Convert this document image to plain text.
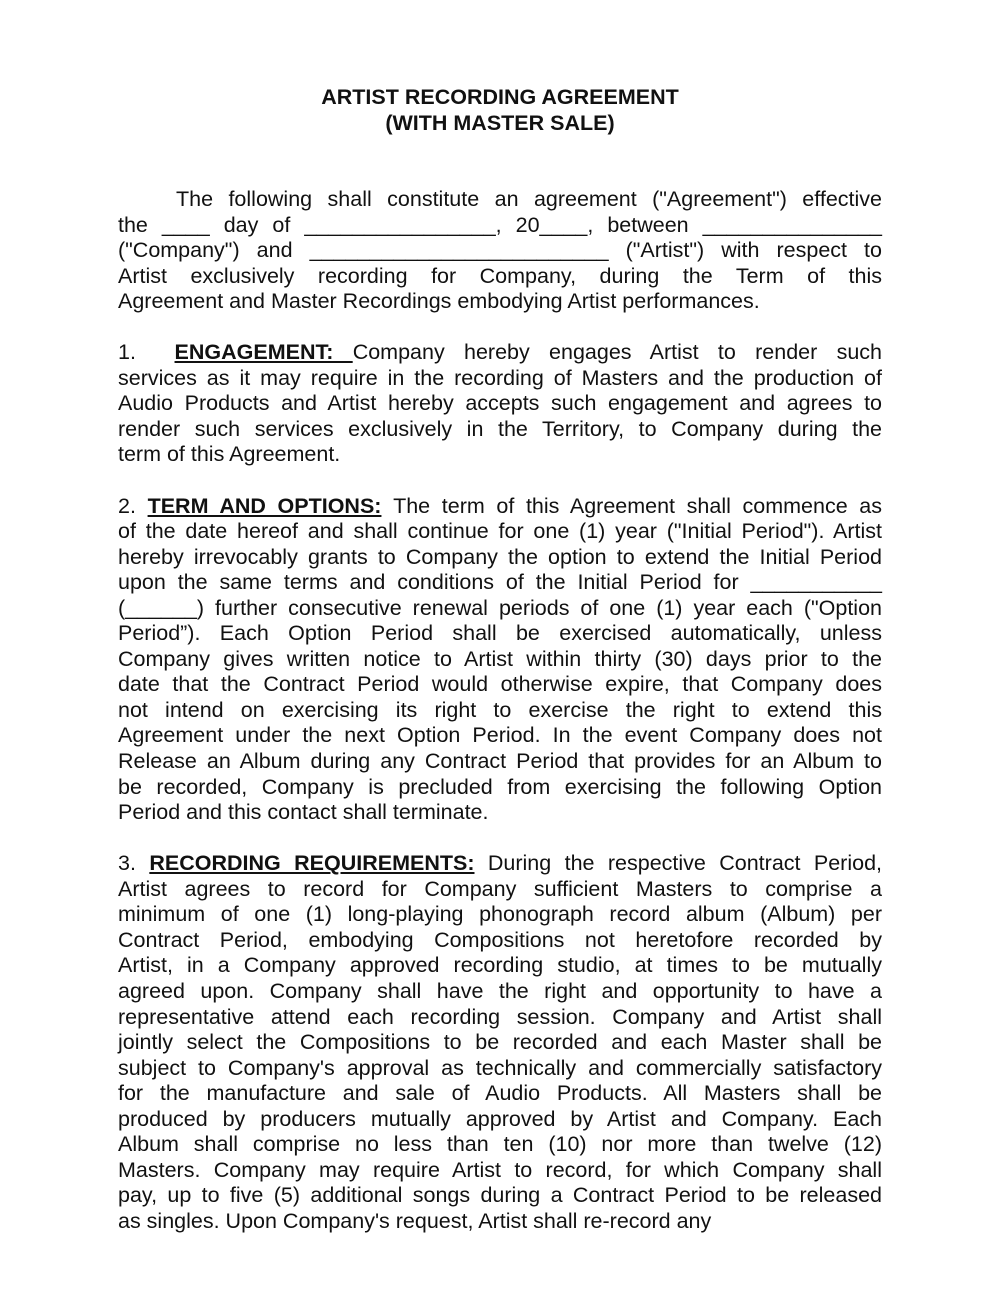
ARTIST RECORDING AGREEMENT
(WITH MASTER SALE)
The following shall constitute an agreement ("Agreement") effective
the ____ day of ________________, 20____, between _______________
("Company") and _________________________ ("Artist") with respect to
Artist exclusively recording for Company, during the Term of this
Agreement and Master Recordings embodying Artist performances.
1. ENGAGEMENT: Company hereby engages Artist to render such
services as it may require in the recording of Masters and the production of
Audio Products and Artist hereby accepts such engagement and agrees to
render such services exclusively in the Territory, to Company during the
term of this Agreement.
2. TERM AND OPTIONS: The term of this Agreement shall commence as
of the date hereof and shall continue for one (1) year ("Initial Period"). Artist
hereby irrevocably grants to Company the option to extend the Initial Period
upon the same terms and conditions of the Initial Period for ___________
(______) further consecutive renewal periods of one (1) year each ("Option
Period”). Each Option Period shall be exercised automatically, unless
Company gives written notice to Artist within thirty (30) days prior to the
date that the Contract Period would otherwise expire, that Company does
not intend on exercising its right to exercise the right to extend this
Agreement under the next Option Period. In the event Company does not
Release an Album during any Contract Period that provides for an Album to
be recorded, Company is precluded from exercising the following Option
Period and this contact shall terminate.
3. RECORDING REQUIREMENTS: During the respective Contract Period,
Artist agrees to record for Company sufficient Masters to comprise a
minimum of one (1) long-playing phonograph record album (Album) per
Contract Period, embodying Compositions not heretofore recorded by
Artist, in a Company approved recording studio, at times to be mutually
agreed upon. Company shall have the right and opportunity to have a
representative attend each recording session. Company and Artist shall
jointly select the Compositions to be recorded and each Master shall be
subject to Company's approval as technically and commercially satisfactory
for the manufacture and sale of Audio Products. All Masters shall be
produced by producers mutually approved by Artist and Company. Each
Album shall comprise no less than ten (10) nor more than twelve (12)
Masters. Company may require Artist to record, for which Company shall
pay, up to five (5) additional songs during a Contract Period to be released
as singles. Upon Company's request, Artist shall re-record any
